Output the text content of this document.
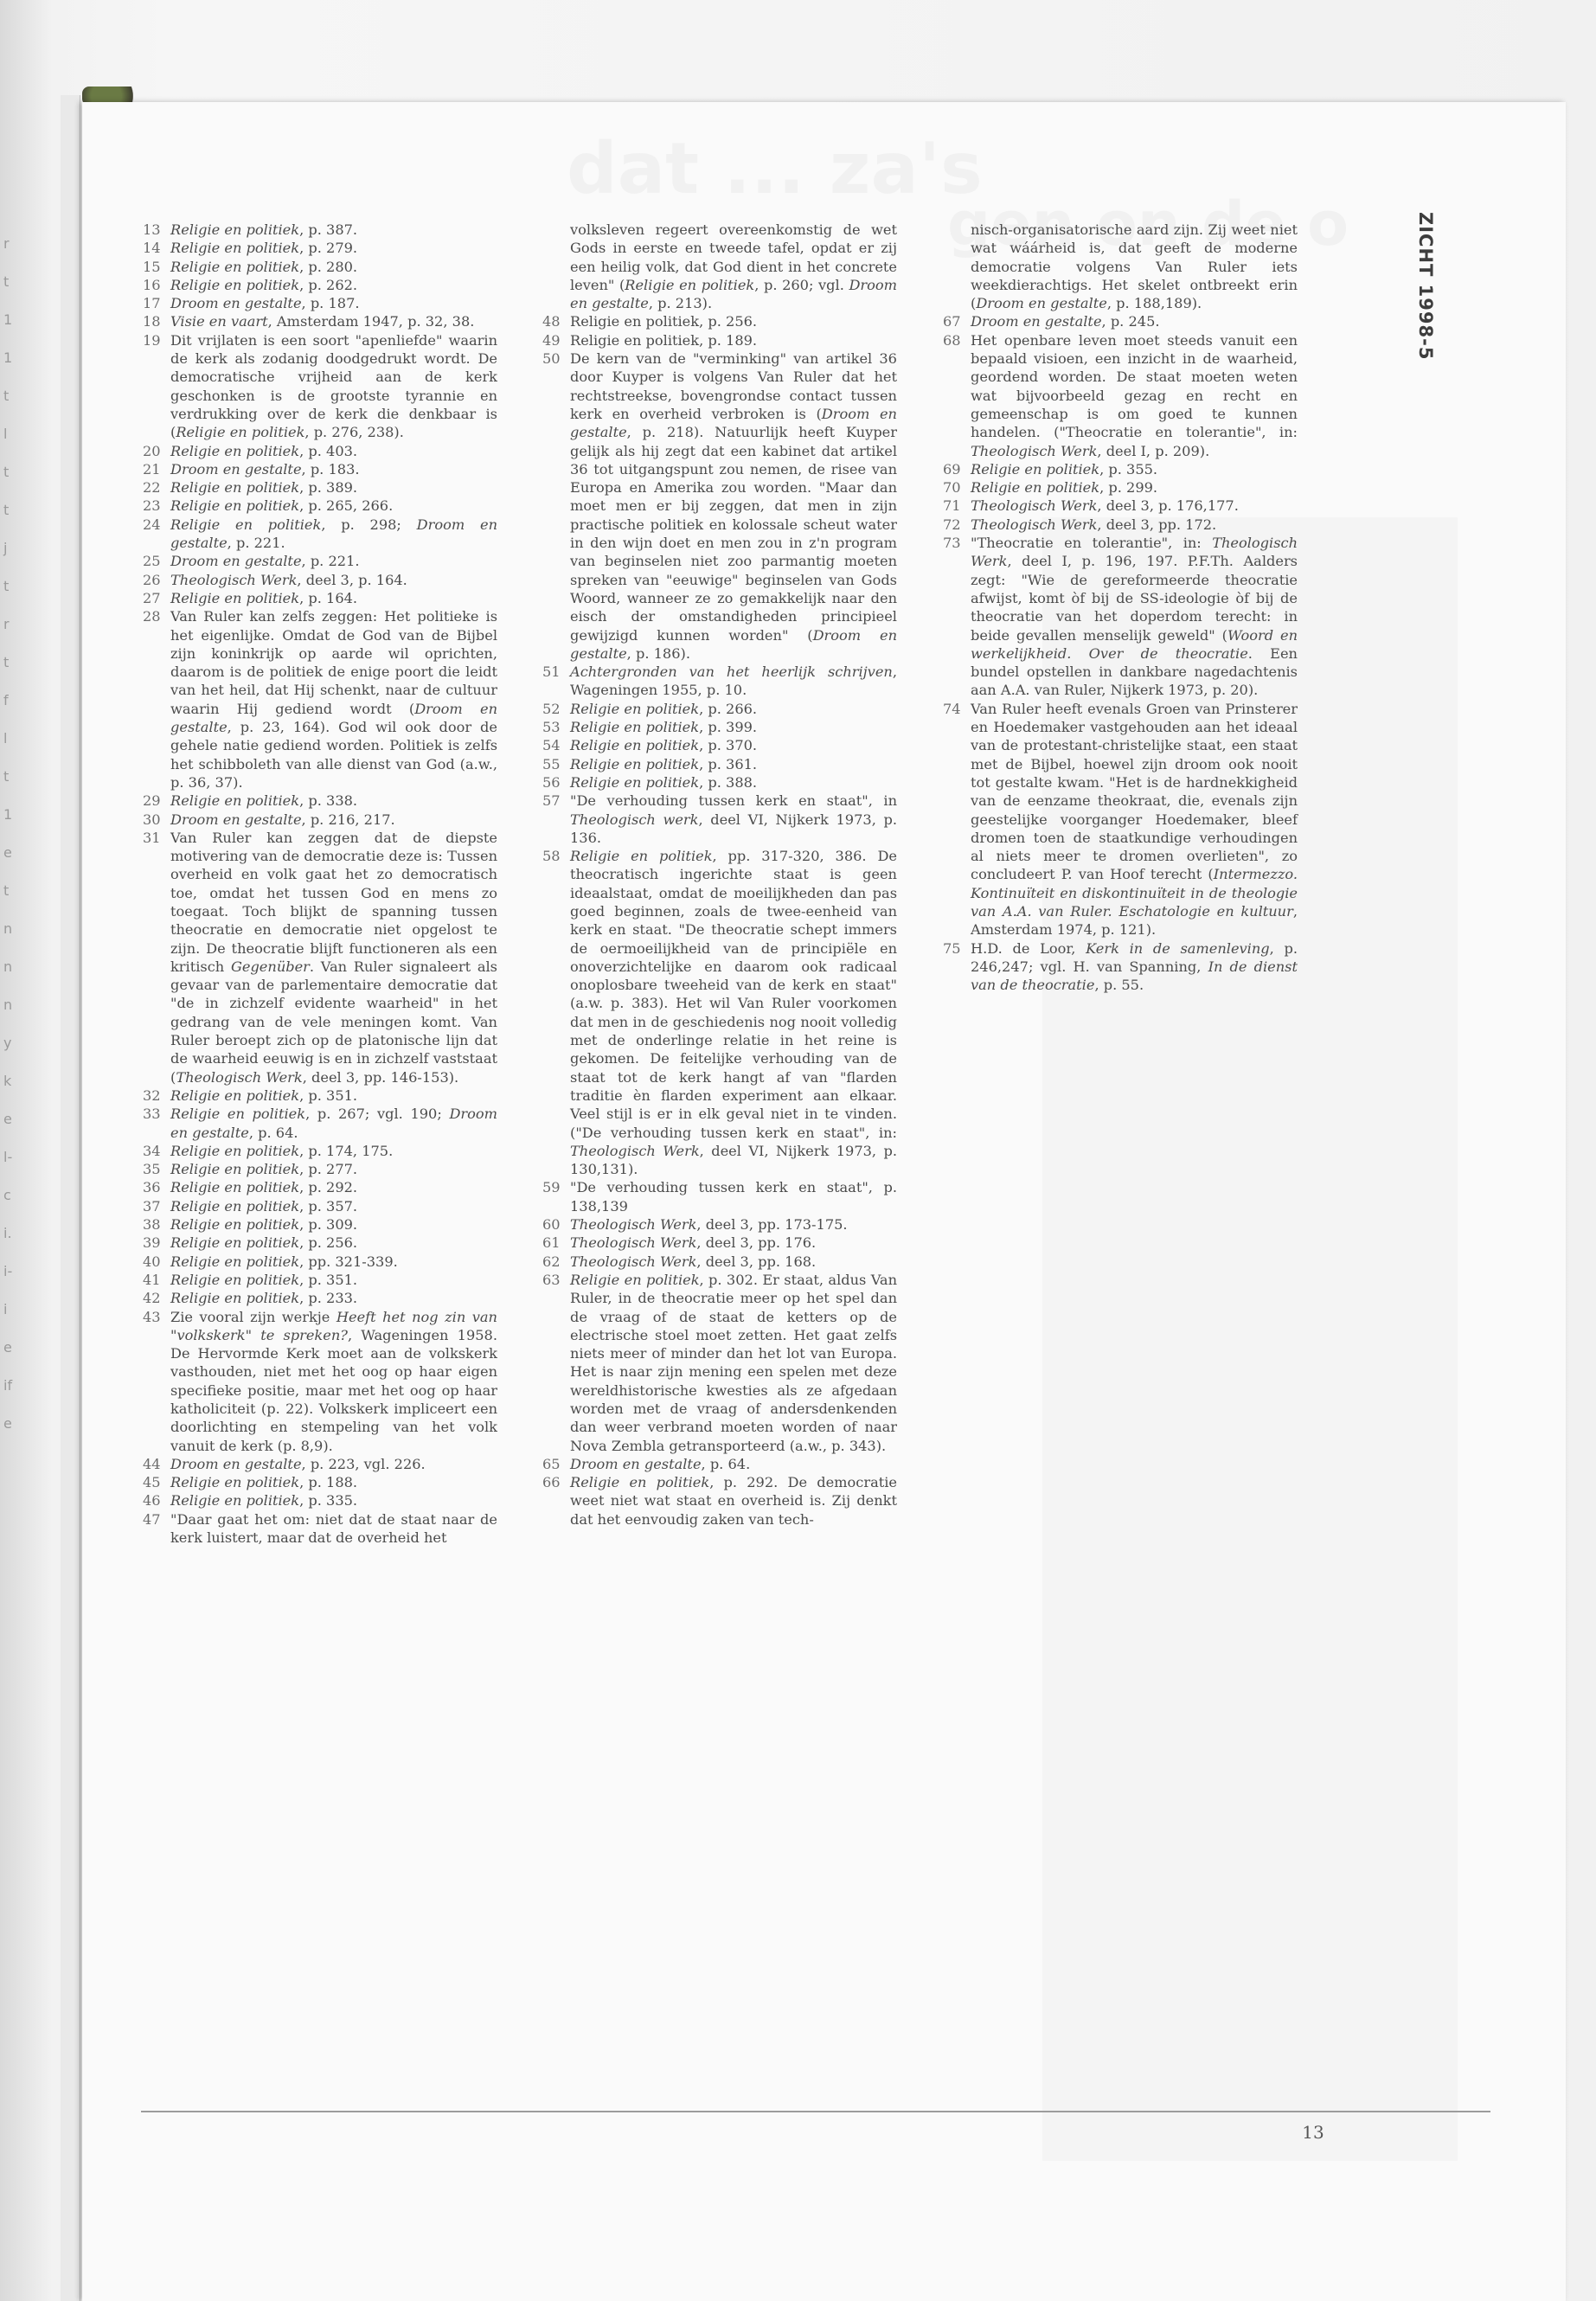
r
t
1
1
t
l
t
t
j
t
r
t
f
l
t
1
e
t
n
n
n
y
k
e
l-
c
i.
i-
i
e
if
e
13 Religie en politiek, p. 387.
14 Religie en politiek, p. 279.
15 Religie en politiek, p. 280.
16 Religie en politiek, p. 262.
17 Droom en gestalte, p. 187.
18 Visie en vaart, Amsterdam 1947, p. 32, 38.
19 Dit vrijlaten is een soort "apenliefde" waarin de kerk als zodanig doodgedrukt wordt. De democratische vrijheid aan de kerk geschonken is de grootste tyrannie en verdrukking over de kerk die denkbaar is (Religie en politiek, p. 276, 238).
20 Religie en politiek, p. 403.
21 Droom en gestalte, p. 183.
22 Religie en politiek, p. 389.
23 Religie en politiek, p. 265, 266.
24 Religie en politiek, p. 298; Droom en gestalte, p. 221.
25 Droom en gestalte, p. 221.
26 Theologisch Werk, deel 3, p. 164.
27 Religie en politiek, p. 164.
28 Van Ruler kan zelfs zeggen: Het politieke is het eigenlijke. Omdat de God van de Bijbel zijn koninkrijk op aarde wil oprichten, daarom is de politiek de enige poort die leidt van het heil, dat Hij schenkt, naar de cultuur waarin Hij gediend wordt (Droom en gestalte, p. 23, 164). God wil ook door de gehele natie gediend worden. Politiek is zelfs het schibboleth van alle dienst van God (a.w., p. 36, 37).
29 Religie en politiek, p. 338.
30 Droom en gestalte, p. 216, 217.
31 Van Ruler kan zeggen dat de diepste motivering van de democratie deze is: Tussen overheid en volk gaat het zo democratisch toe, omdat het tussen God en mens zo toegaat. Toch blijkt de spanning tussen theocratie en democratie niet opgelost te zijn. De theocratie blijft functioneren als een kritisch Gegenüber. Van Ruler signaleert als gevaar van de parlementaire democratie dat "de in zichzelf evidente waarheid" in het gedrang van de vele meningen komt. Van Ruler beroept zich op de platonische lijn dat de waarheid eeuwig is en in zichzelf vaststaat (Theologisch Werk, deel 3, pp. 146-153).
32 Religie en politiek, p. 351.
33 Religie en politiek, p. 267; vgl. 190; Droom en gestalte, p. 64.
34 Religie en politiek, p. 174, 175.
35 Religie en politiek, p. 277.
36 Religie en politiek, p. 292.
37 Religie en politiek, p. 357.
38 Religie en politiek, p. 309.
39 Religie en politiek, p. 256.
40 Religie en politiek, pp. 321-339.
41 Religie en politiek, p. 351.
42 Religie en politiek, p. 233.
43 Zie vooral zijn werkje Heeft het nog zin van "volkskerk" te spreken?, Wageningen 1958. De Hervormde Kerk moet aan de volkskerk vasthouden, niet met het oog op haar eigen specifieke positie, maar met het oog op haar katholiciteit (p. 22). Volkskerk impliceert een doorlichting en stempeling van het volk vanuit de kerk (p. 8,9).
44 Droom en gestalte, p. 223, vgl. 226.
45 Religie en politiek, p. 188.
46 Religie en politiek, p. 335.
47 "Daar gaat het om: niet dat de staat naar de kerk luistert, maar dat de overheid het
volksleven regeert overeenkomstig de wet Gods in eerste en tweede tafel, opdat er zij een heilig volk, dat God dient in het concrete leven" (Religie en politiek, p. 260; vgl. Droom en gestalte, p. 213).
48 Religie en politiek, p. 256.
49 Religie en politiek, p. 189.
50 De kern van de "verminking" van artikel 36 door Kuyper is volgens Van Ruler dat het rechtstreekse, bovengrondse contact tussen kerk en overheid verbroken is (Droom en gestalte, p. 218). Natuurlijk heeft Kuyper gelijk als hij zegt dat een kabinet dat artikel 36 tot uitgangspunt zou nemen, de risee van Europa en Amerika zou worden. "Maar dan moet men er bij zeggen, dat men in zijn practische politiek en kolossale scheut water in den wijn doet en men zou in z'n program van beginselen niet zoo parmantig moeten spreken van "eeuwige" beginselen van Gods Woord, wanneer ze zo gemakkelijk naar den eisch der omstandigheden principieel gewijzigd kunnen worden" (Droom en gestalte, p. 186).
51 Achtergronden van het heerlijk schrijven, Wageningen 1955, p. 10.
52 Religie en politiek, p. 266.
53 Religie en politiek, p. 399.
54 Religie en politiek, p. 370.
55 Religie en politiek, p. 361.
56 Religie en politiek, p. 388.
57 "De verhouding tussen kerk en staat", in Theologisch werk, deel VI, Nijkerk 1973, p. 136.
58 Religie en politiek, pp. 317-320, 386. De theocratisch ingerichte staat is geen ideaalstaat, omdat de moeilijkheden dan pas goed beginnen, zoals de twee-eenheid van kerk en staat. "De theocratie schept immers de oermoeilijkheid van de principiële en onoverzichtelijke en daarom ook radicaal onoplosbare tweeheid van de kerk en staat" (a.w. p. 383). Het wil Van Ruler voorkomen dat men in de geschiedenis nog nooit volledig met de onderlinge relatie in het reine is gekomen. De feitelijke verhouding van de staat tot de kerk hangt af van "flarden traditie èn flarden experiment aan elkaar. Veel stijl is er in elk geval niet in te vinden. ("De verhouding tussen kerk en staat", in: Theologisch Werk, deel VI, Nijkerk 1973, p. 130,131).
59 "De verhouding tussen kerk en staat", p. 138,139
60 Theologisch Werk, deel 3, pp. 173-175.
61 Theologisch Werk, deel 3, pp. 176.
62 Theologisch Werk, deel 3, pp. 168.
63 Religie en politiek, p. 302. Er staat, aldus Van Ruler, in de theocratie meer op het spel dan de vraag of de staat de ketters op de electrische stoel moet zetten. Het gaat zelfs niets meer of minder dan het lot van Europa. Het is naar zijn mening een spelen met deze wereldhistorische kwesties als ze afgedaan worden met de vraag of andersdenkenden dan weer verbrand moeten worden of naar Nova Zembla getransporteerd (a.w., p. 343).
65 Droom en gestalte, p. 64.
66 Religie en politiek, p. 292. De democratie weet niet wat staat en overheid is. Zij denkt dat het eenvoudig zaken van tech-
nisch-organisatorische aard zijn. Zij weet niet wat wáárheid is, dat geeft de moderne democratie volgens Van Ruler iets weekdierachtigs. Het skelet ontbreekt erin (Droom en gestalte, p. 188,189).
67 Droom en gestalte, p. 245.
68 Het openbare leven moet steeds vanuit een bepaald visioen, een inzicht in de waarheid, geordend worden. De staat moeten weten wat bijvoorbeeld gezag en recht en gemeenschap is om goed te kunnen handelen. ("Theocratie en tolerantie", in: Theologisch Werk, deel I, p. 209).
69 Religie en politiek, p. 355.
70 Religie en politiek, p. 299.
71 Theologisch Werk, deel 3, p. 176,177.
72 Theologisch Werk, deel 3, pp. 172.
73 "Theocratie en tolerantie", in: Theologisch Werk, deel I, p. 196, 197. P.F.Th. Aalders zegt: "Wie de gereformeerde theocratie afwijst, komt òf bij de SS-ideologie òf bij de theocratie van het doperdom terecht: in beide gevallen menselijk geweld" (Woord en werkelijkheid. Over de theocratie. Een bundel opstellen in dankbare nagedachtenis aan A.A. van Ruler, Nijkerk 1973, p. 20).
74 Van Ruler heeft evenals Groen van Prinsterer en Hoedemaker vastgehouden aan het ideaal van de protestant-christelijke staat, een staat met de Bijbel, hoewel zijn droom ook nooit tot gestalte kwam. "Het is de hardnekkigheid van de eenzame theokraat, die, evenals zijn geestelijke voorganger Hoedemaker, bleef dromen toen de staatkundige verhoudingen al niets meer te dromen overlieten", zo concludeert P. van Hoof terecht (Intermezzo. Kontinuïteit en diskontinuïteit in de theologie van A.A. van Ruler. Eschatologie en kultuur, Amsterdam 1974, p. 121).
75 H.D. de Loor, Kerk in de samenleving, p. 246,247; vgl. H. van Spanning, In de dienst van de theocratie, p. 55.
ZICHT 1998-5
13
